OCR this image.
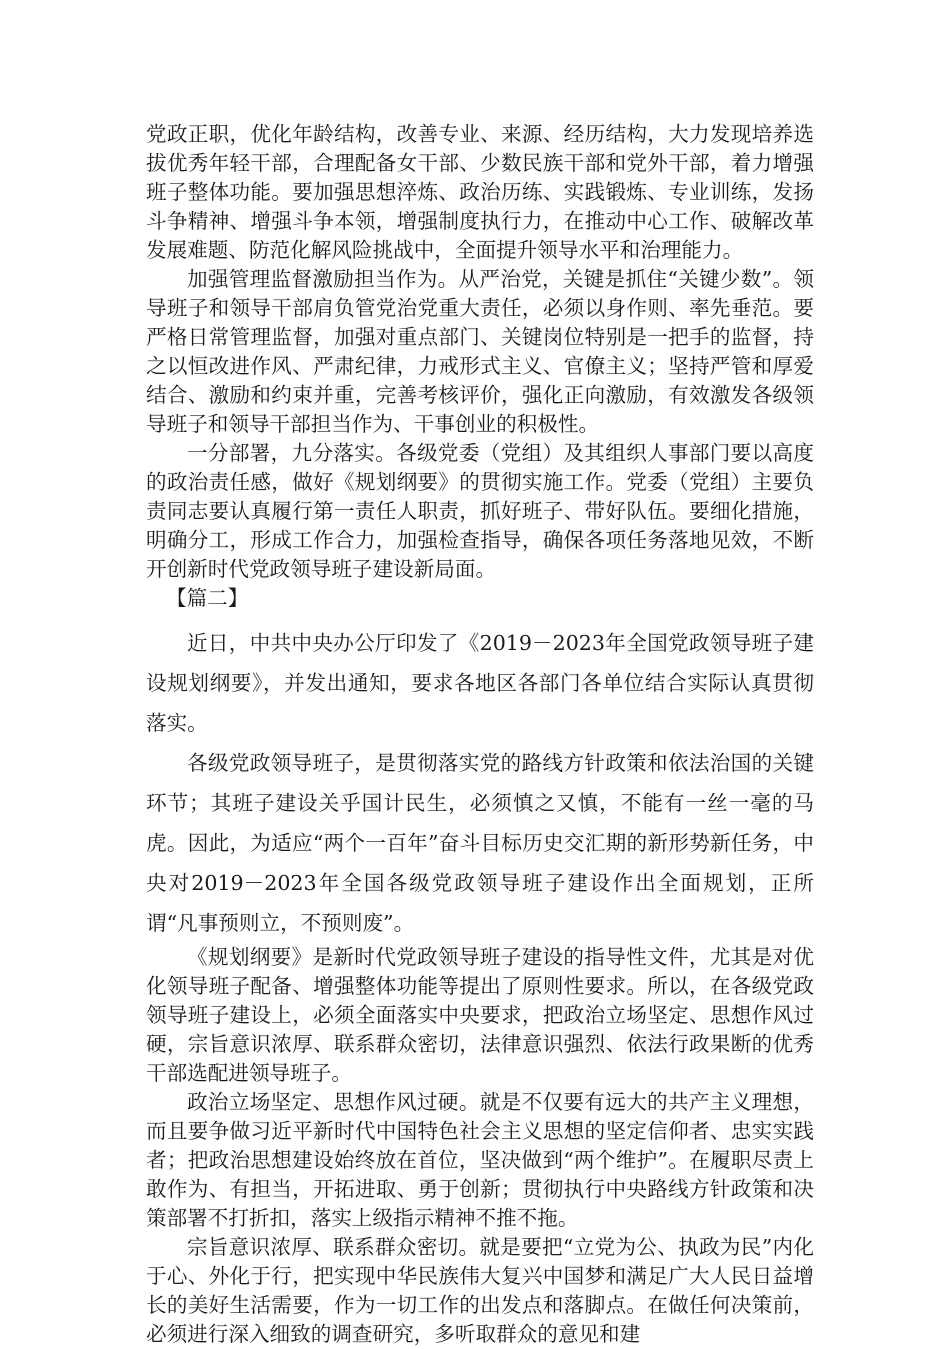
党政正职，优化年龄结构，改善专业、来源、经历结构，大力发现培养选拔优秀年轻干部，合理配备女干部、少数民族干部和党外干部，着力增强班子整体功能。要加强思想淬炼、政治历练、实践锻炼、专业训练，发扬斗争精神、增强斗争本领，增强制度执行力，在推动中心工作、破解改革发展难题、防范化解风险挑战中，全面提升领导水平和治理能力。

加强管理监督激励担当作为。从严治党，关键是抓住“关键少数”。领导班子和领导干部肩负管党治党重大责任，必须以身作则、率先垂范。要严格日常管理监督，加强对重点部门、关键岗位特别是一把手的监督，持之以恒改进作风、严肃纪律，力戒形式主义、官僚主义；坚持严管和厚爱结合、激励和约束并重，完善考核评价，强化正向激励，有效激发各级领导班子和领导干部担当作为、干事创业的积极性。

一分部署，九分落实。各级党委（党组）及其组织人事部门要以高度的政治责任感，做好《规划纲要》的贯彻实施工作。党委（党组）主要负责同志要认真履行第一责任人职责，抓好班子、带好队伍。要细化措施，明确分工，形成工作合力，加强检查指导，确保各项任务落地见效，不断开创新时代党政领导班子建设新局面。

【篇二】

近日，中共中央办公厅印发了《2019－2023年全国党政领导班子建设规划纲要》，并发出通知，要求各地区各部门各单位结合实际认真贯彻落实。

各级党政领导班子，是贯彻落实党的路线方针政策和依法治国的关键环节；其班子建设关乎国计民生，必须慎之又慎，不能有一丝一毫的马虎。因此，为适应“两个一百年”奋斗目标历史交汇期的新形势新任务，中央对2019－2023年全国各级党政领导班子建设作出全面规划，正所谓“凡事预则立，不预则废”。

《规划纲要》是新时代党政领导班子建设的指导性文件，尤其是对优化领导班子配备、增强整体功能等提出了原则性要求。所以，在各级党政领导班子建设上，必须全面落实中央要求，把政治立场坚定、思想作风过硬，宗旨意识浓厚、联系群众密切，法律意识强烈、依法行政果断的优秀干部选配进领导班子。

政治立场坚定、思想作风过硬。就是不仅要有远大的共产主义理想，而且要争做习近平新时代中国特色社会主义思想的坚定信仰者、忠实实践者；把政治思想建设始终放在首位，坚决做到“两个维护”。在履职尽责上敢作为、有担当，开拓进取、勇于创新；贯彻执行中央路线方针政策和决策部署不打折扣，落实上级指示精神不推不拖。

宗旨意识浓厚、联系群众密切。就是要把“立党为公、执政为民”内化于心、外化于行，把实现中华民族伟大复兴中国梦和满足广大人民日益增长的美好生活需要，作为一切工作的出发点和落脚点。在做任何决策前，必须进行深入细致的调查研究，多听取群众的意见和建
